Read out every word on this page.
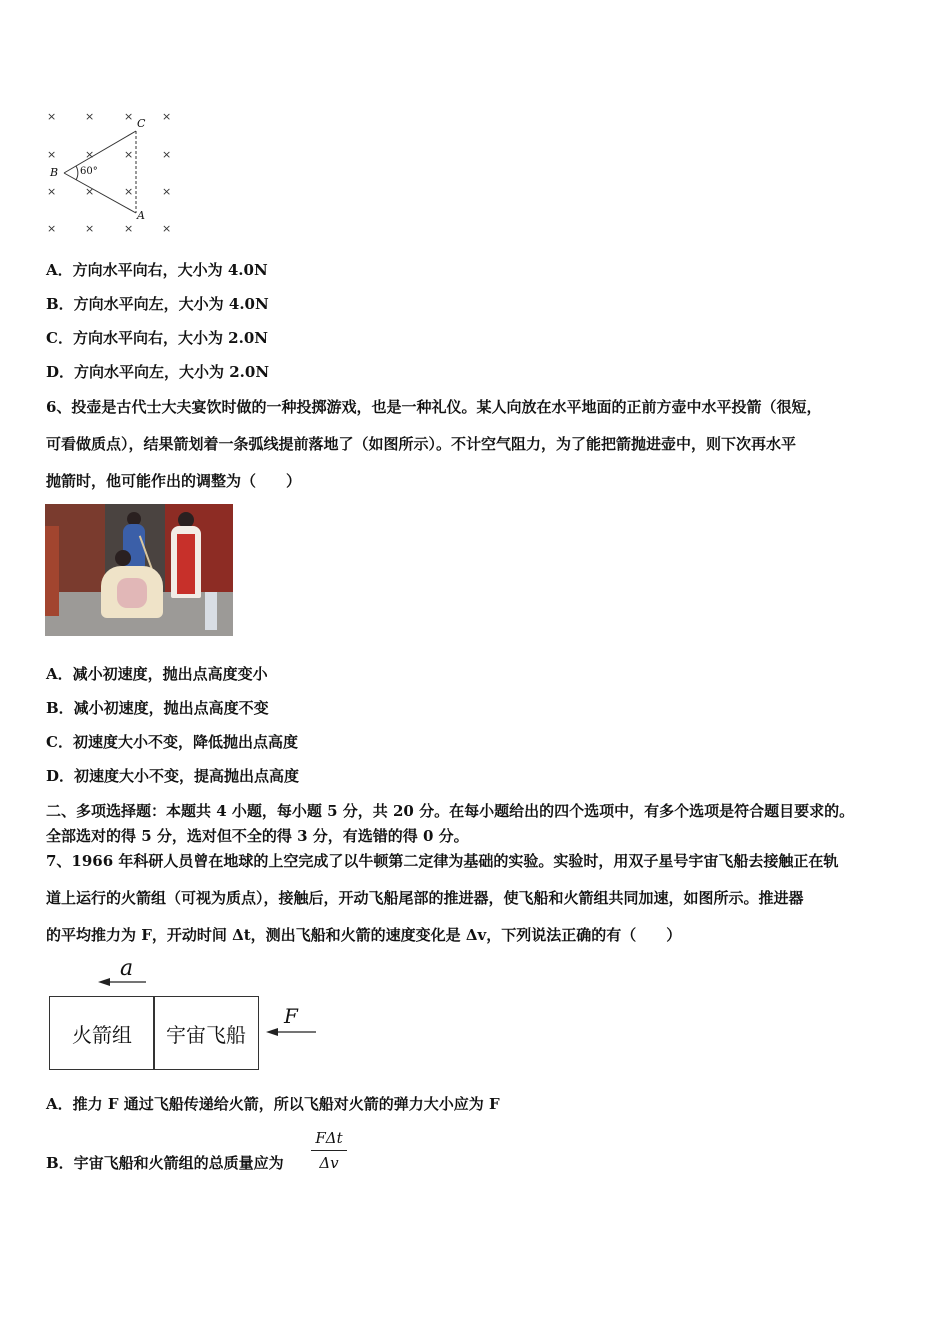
×	×	×	×
×	×	×	×
×
×	×	×
×	×	×	×
C
B
A
60°
A．方向水平向右，大小为 4.0N
B．方向水平向左，大小为 4.0N
C．方向水平向右，大小为 2.0N
D．方向水平向左，大小为 2.0N
6、投壶是古代士大夫宴饮时做的一种投掷游戏，也是一种礼仪。某人向放在水平地面的正前方壶中水平投箭（很短，
可看做质点），结果箭划着一条弧线提前落地了（如图所示）。不计空气阻力，为了能把箭抛进壶中，则下次再水平
抛箭时，他可能作出的调整为（　　）
A．减小初速度，抛出点高度变小
B．减小初速度，抛出点高度不变
C．初速度大小不变，降低抛出点高度
D．初速度大小不变，提高抛出点高度
二、多项选择题：本题共 4 小题，每小题 5 分，共 20 分。在每小题给出的四个选项中，有多个选项是符合题目要求的。
全部选对的得 5 分，选对但不全的得 3 分，有选错的得 0 分。
7、1966 年科研人员曾在地球的上空完成了以牛顿第二定律为基础的实验。实验时，用双子星号宇宙飞船去接触正在轨
道上运行的火箭组（可视为质点），接触后，开动飞船尾部的推进器，使飞船和火箭组共同加速，如图所示。推进器
的平均推力为 F，开动时间 Δt，测出飞船和火箭的速度变化是 Δv，下列说法正确的有（　　）
a
F
火箭组 宇宙飞船
A．推力 F 通过飞船传递给火箭，所以飞船对火箭的弹力大小应为 F
B．宇宙飞船和火箭组的总质量应为
FΔt
Δv
